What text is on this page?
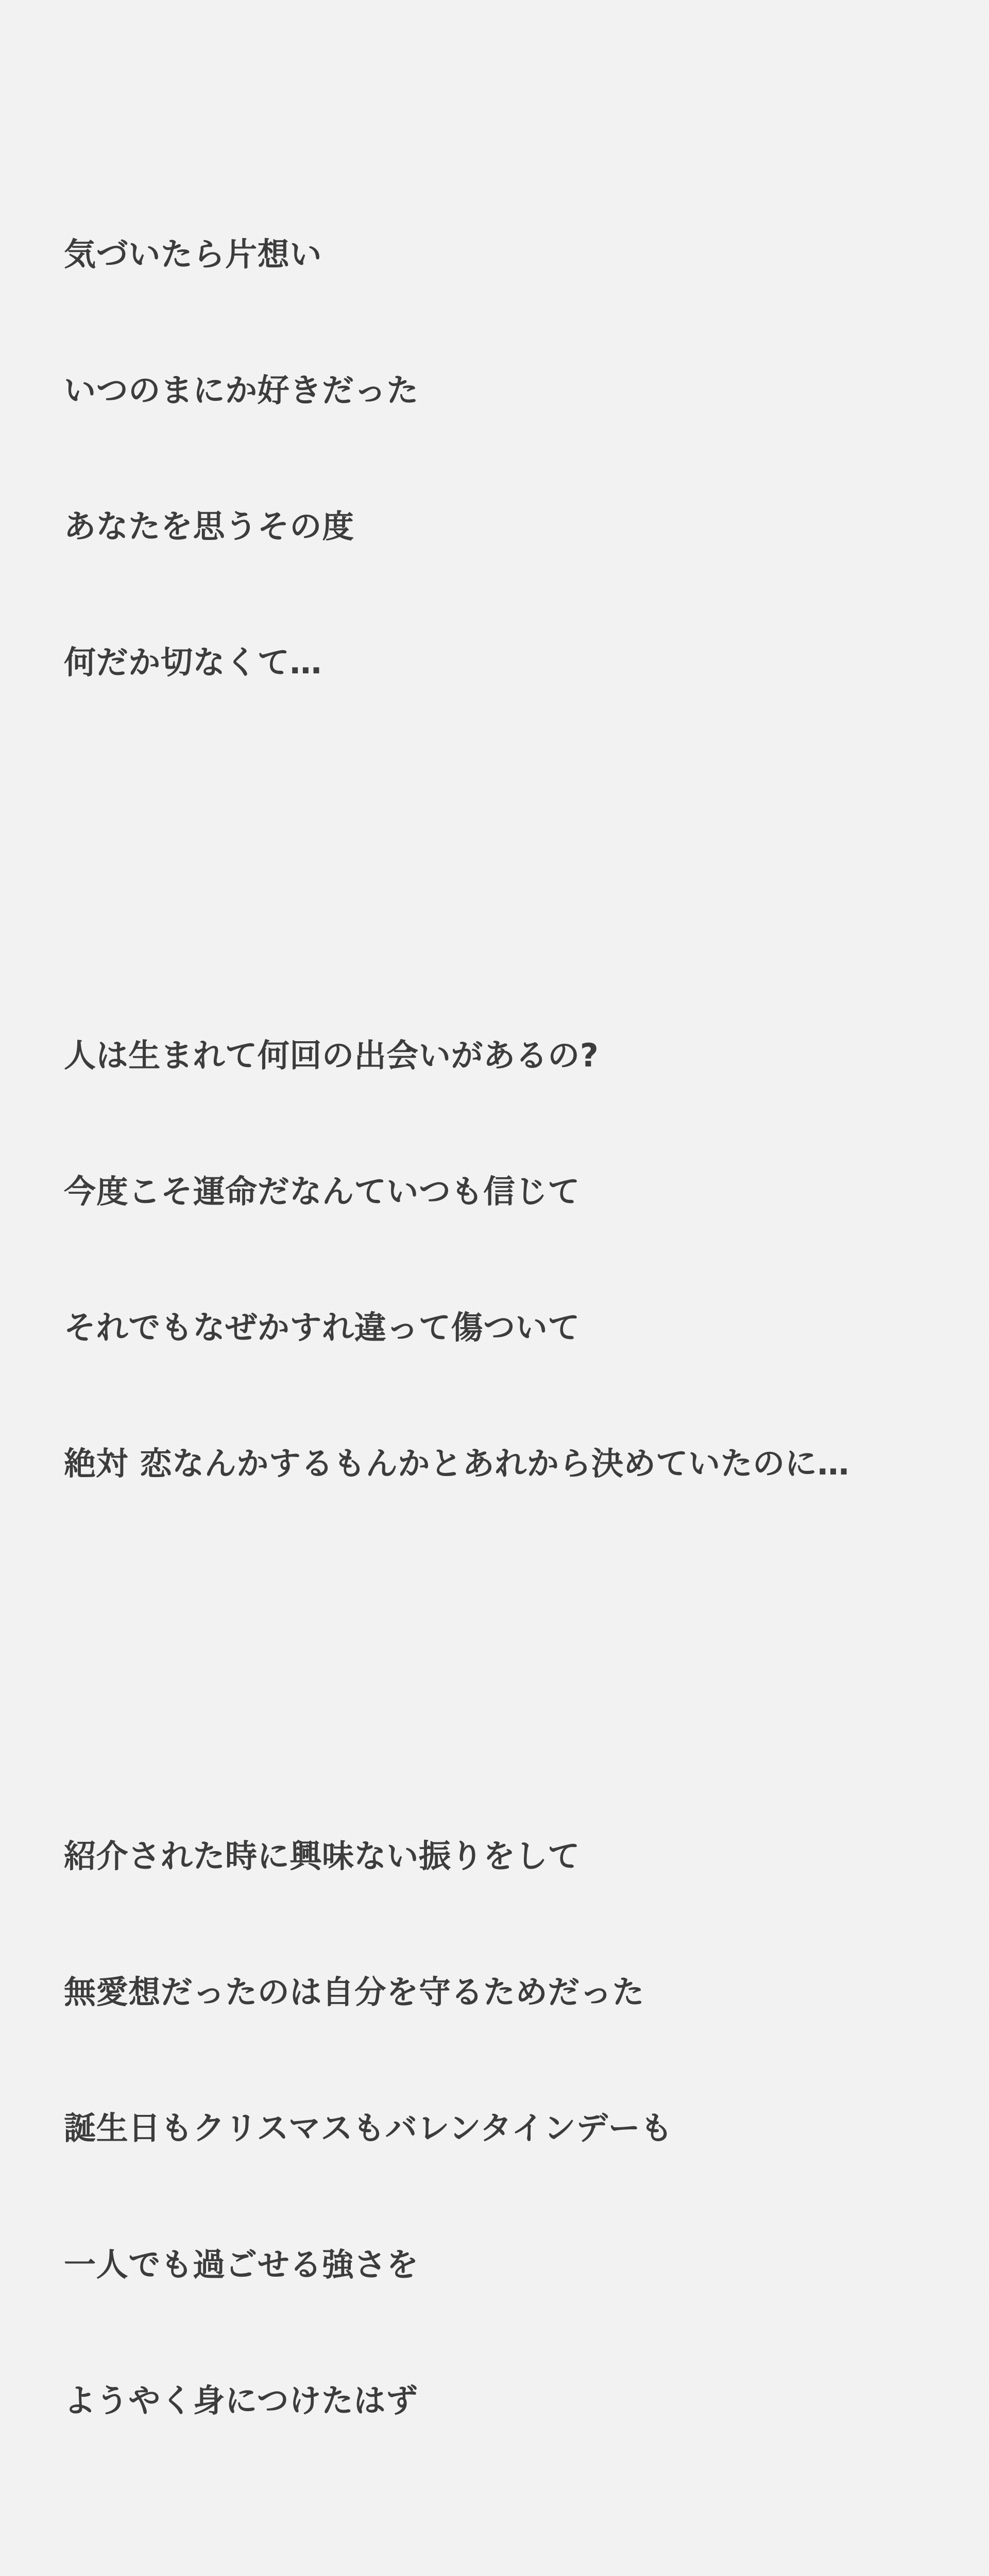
気づいたら片想い

いつのまにか好きだった

あなたを思うその度

何だか切なくて…

人は生まれて何回の出会いがあるの?

今度こそ運命だなんていつも信じて

それでもなぜかすれ違って傷ついて

絶対 恋なんかするもんかとあれから決めていたのに…

紹介された時に興味ない振りをして

無愛想だったのは自分を守るためだった

誕生日もクリスマスもバレンタインデーも

一人でも過ごせる強さを

ようやく身につけたはず
